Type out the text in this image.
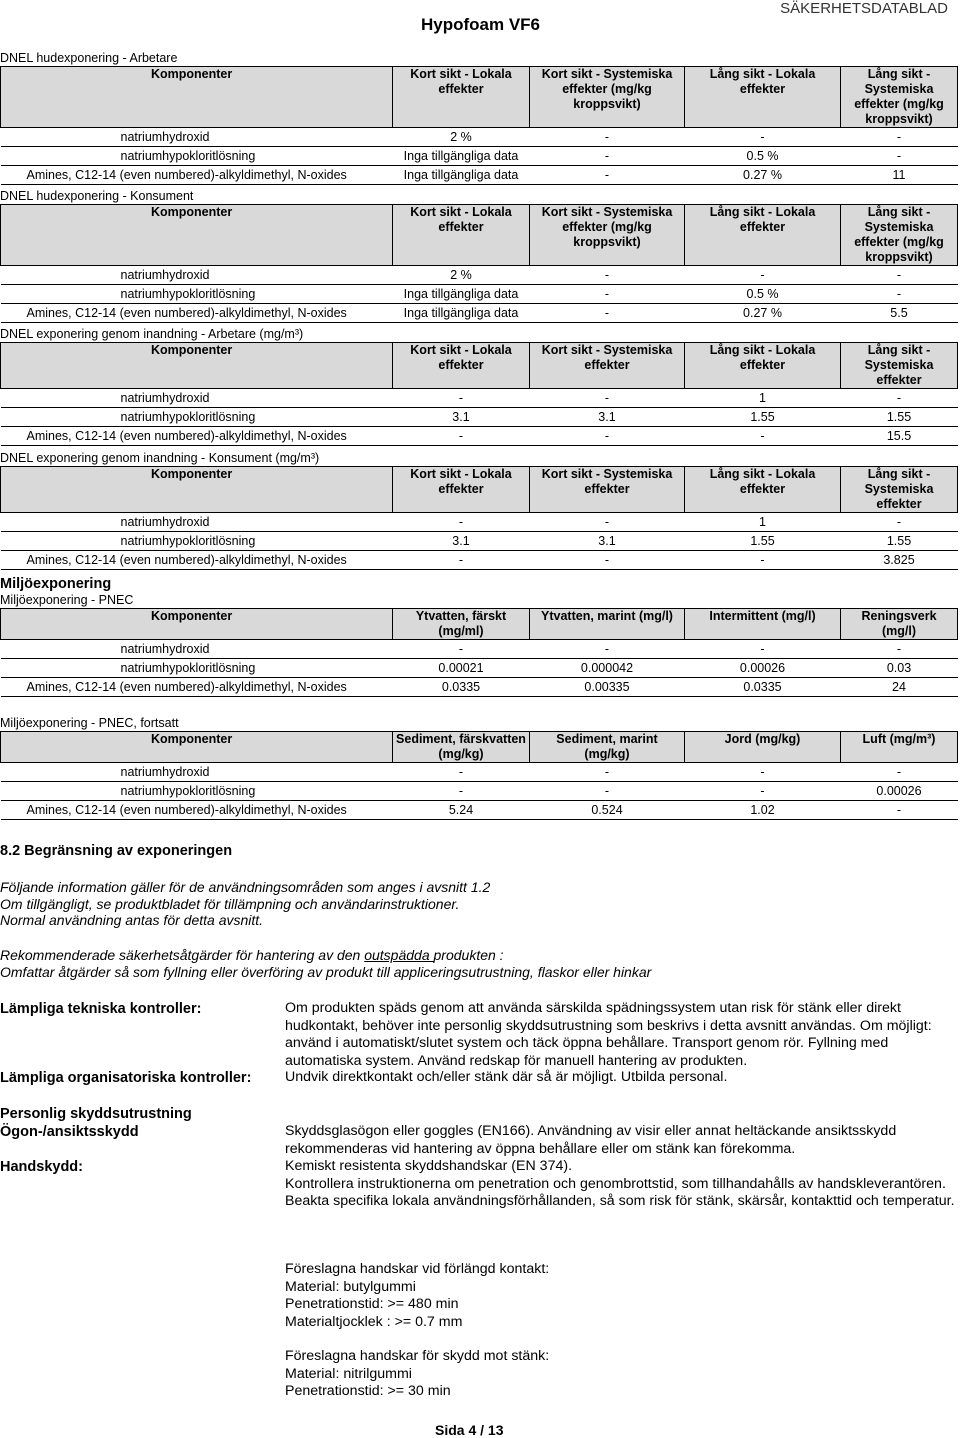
Hypofoam VF6
SÄKERHETSDATABLAD
DNEL hudexponering - Arbetare
Komponenter	Kort sikt - Lokala effekter	Kort sikt - Systemiska effekter (mg/kg kroppsvikt)	Lång sikt - Lokala effekter	Lång sikt - Systemiska effekter (mg/kg kroppsvikt)
natriumhydroxid	2 %	-	-	-
natriumhypokloritlösning	Inga tillgängliga data	-	0.5 %	-
Amines, C12-14 (even numbered)-alkyldimethyl, N-oxides	Inga tillgängliga data	-	0.27 %	11
DNEL hudexponering - Konsument
Komponenter	Kort sikt - Lokala effekter	Kort sikt - Systemiska effekter (mg/kg kroppsvikt)	Lång sikt - Lokala effekter	Lång sikt - Systemiska effekter (mg/kg kroppsvikt)
natriumhydroxid	2 %	-	-	-
natriumhypokloritlösning	Inga tillgängliga data	-	0.5 %	-
Amines, C12-14 (even numbered)-alkyldimethyl, N-oxides	Inga tillgängliga data	-	0.27 %	5.5
DNEL exponering genom inandning - Arbetare (mg/m³)
Komponenter	Kort sikt - Lokala effekter	Kort sikt - Systemiska effekter	Lång sikt - Lokala effekter	Lång sikt - Systemiska effekter
natriumhydroxid	-	-	1	-
natriumhypokloritlösning	3.1	3.1	1.55	1.55
Amines, C12-14 (even numbered)-alkyldimethyl, N-oxides	-	-	-	15.5
DNEL exponering genom inandning - Konsument (mg/m³)
Komponenter	Kort sikt - Lokala effekter	Kort sikt - Systemiska effekter	Lång sikt - Lokala effekter	Lång sikt - Systemiska effekter
natriumhydroxid	-	-	1	-
natriumhypokloritlösning	3.1	3.1	1.55	1.55
Amines, C12-14 (even numbered)-alkyldimethyl, N-oxides	-	-	-	3.825
Miljöexponering - PNEC
Komponenter	Ytvatten, färskt (mg/ml)	Ytvatten, marint (mg/l)	Intermittent (mg/l)	Reningsverk (mg/l)
natriumhydroxid	-	-	-	-
natriumhypokloritlösning	0.00021	0.000042	0.00026	0.03
Amines, C12-14 (even numbered)-alkyldimethyl, N-oxides	0.0335	0.00335	0.0335	24
Miljöexponering - PNEC, fortsatt
Komponenter	Sediment, färskvatten (mg/kg)	Sediment, marint (mg/kg)	Jord (mg/kg)	Luft (mg/m³)
natriumhydroxid	-	-	-	-
natriumhypokloritlösning	-	-	-	0.00026
Amines, C12-14 (even numbered)-alkyldimethyl, N-oxides	5.24	0.524	1.02	-
Miljöexponering
8.2 Begränsning av exponeringen
Följande information gäller för de användningsområden som anges i avsnitt 1.2
Om tillgängligt, se produktbladet för tillämpning och användarinstruktioner.
Normal användning antas för detta avsnitt.
Rekommenderade säkerhetsåtgärder för hantering av den outspädda produkten :
Omfattar åtgärder så som fyllning eller överföring av produkt till appliceringsutrustning, flaskor eller hinkar
Lämpliga tekniska kontroller:	Om produkten späds genom att använda särskilda spädningssystem utan risk för stänk eller direkt hudkontakt, behöver inte personlig skyddsutrustning som beskrivs i detta avsnitt användas. Om möjligt: använd i automatiskt/slutet system och täck öppna behållare. Transport genom rör. Fyllning med automatiska system. Använd redskap för manuell hantering av produkten.
Lämpliga organisatoriska kontroller: Undvik direktkontakt och/eller stänk där så är möjligt. Utbilda personal.
Personlig skyddsutrustning
Ögon-/ansiktsskydd	Skyddsglasögon eller goggles (EN166). Användning av visir eller annat heltäckande ansiktsskydd rekommenderas vid hantering av öppna behållare eller om stänk kan förekomma.
Handskydd:	Kemiskt resistenta skyddshandskar (EN 374).
Kontrollera instruktionerna om penetration och genombrottstid, som tillhandahålls av handskleverantören.
Beakta specifika lokala användningsförhållanden, så som risk för stänk, skärsår, kontakttid och temperatur.
Föreslagna handskar vid förlängd kontakt:
Material: butylgummi
Penetrationstid: >= 480 min
Materialtjocklek : >= 0.7 mm
Föreslagna handskar för skydd mot stänk:
Material: nitrilgummi
Penetrationstid: >= 30 min
Sida 4 / 13
